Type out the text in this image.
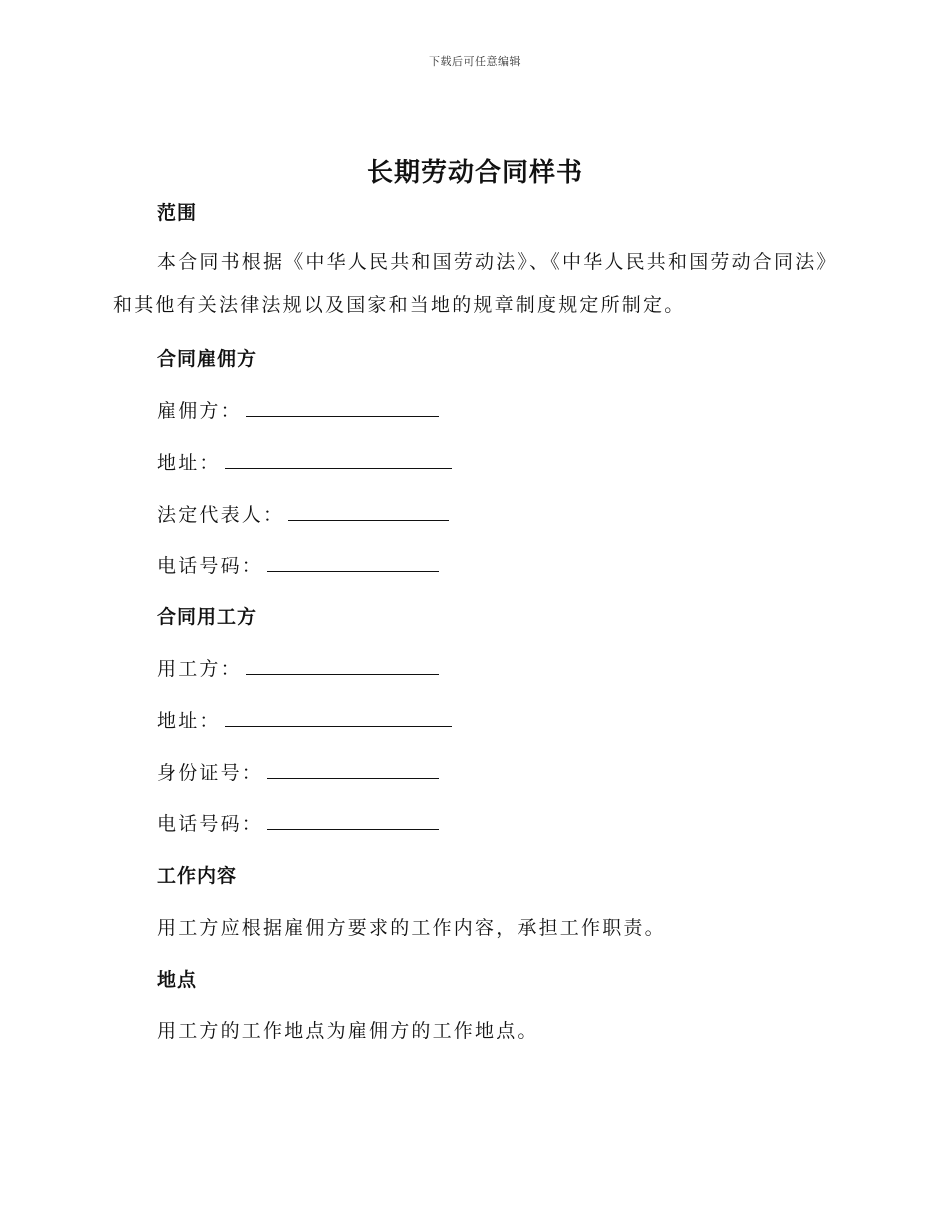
下载后可任意编辑
长期劳动合同样书
范围
本合同书根据《中华人民共和国劳动法》、《中华人民共和国劳动合同法》和其他有关法律法规以及国家和当地的规章制度规定所制定。
合同雇佣方
雇佣方：
地址：
法定代表人：
电话号码：
合同用工方
用工方：
地址：
身份证号：
电话号码：
工作内容
用工方应根据雇佣方要求的工作内容，承担工作职责。
地点
用工方的工作地点为雇佣方的工作地点。
